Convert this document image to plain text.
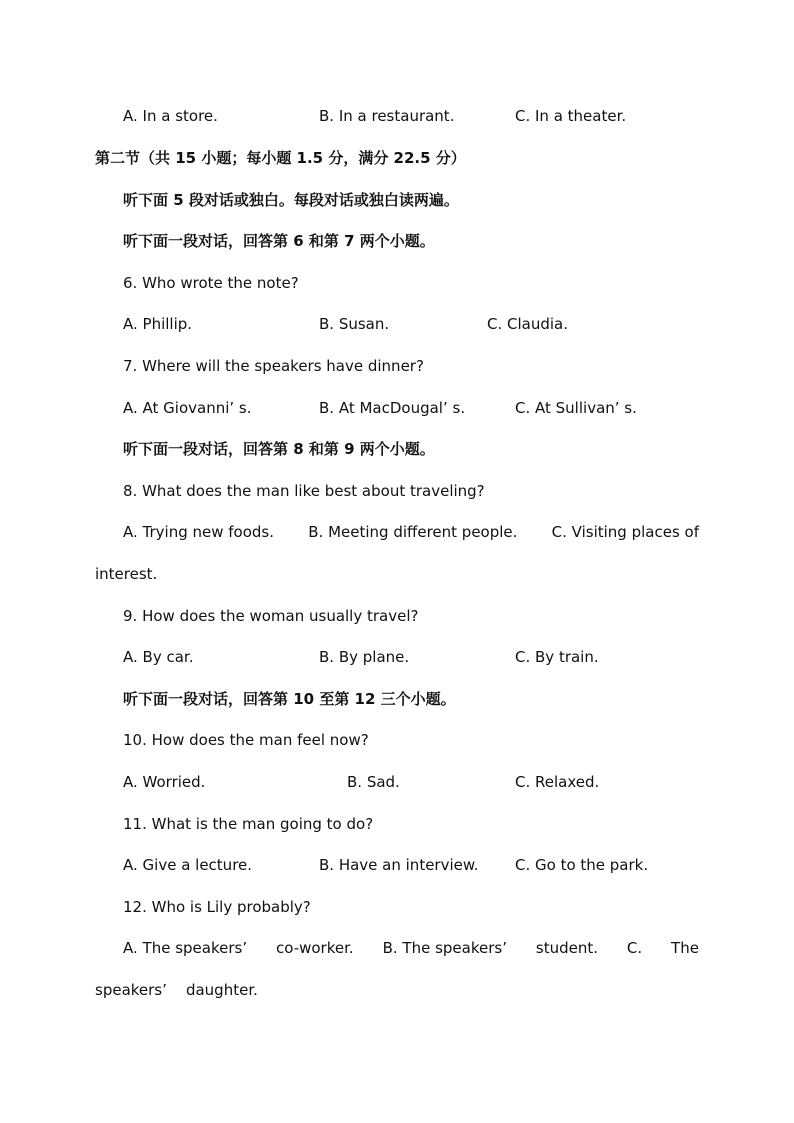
A. In a store.	B. In a restaurant.	C. In a theater.
第二节（共 15 小题；每小题 1.5 分，满分 22.5 分）
听下面 5 段对话或独白。每段对话或独白读两遍。
听下面一段对话，回答第 6 和第 7 两个小题。
6. Who wrote the note?
A. Phillip.	B. Susan.	C. Claudia.
7. Where will the speakers have dinner?
A. At Giovanni’ s.	B. At MacDougal’ s.	C. At Sullivan’ s.
听下面一段对话，回答第 8 和第 9 两个小题。
8. What does the man like best about traveling?
A. Trying new foods. B. Meeting different people. C. Visiting places of
interest.
9. How does the woman usually travel?
A. By car.	B. By plane.	C. By train.
听下面一段对话，回答第 10 至第 12 三个小题。
10. How does the man feel now?
A. Worried.	B. Sad.	C. Relaxed.
11. What is the man going to do?
A. Give a lecture.	B. Have an interview. C. Go to the park.
12. Who is Lily probably?
A. The speakers’ co-worker. B. The speakers’ student. C. The
speakers’    daughter.
